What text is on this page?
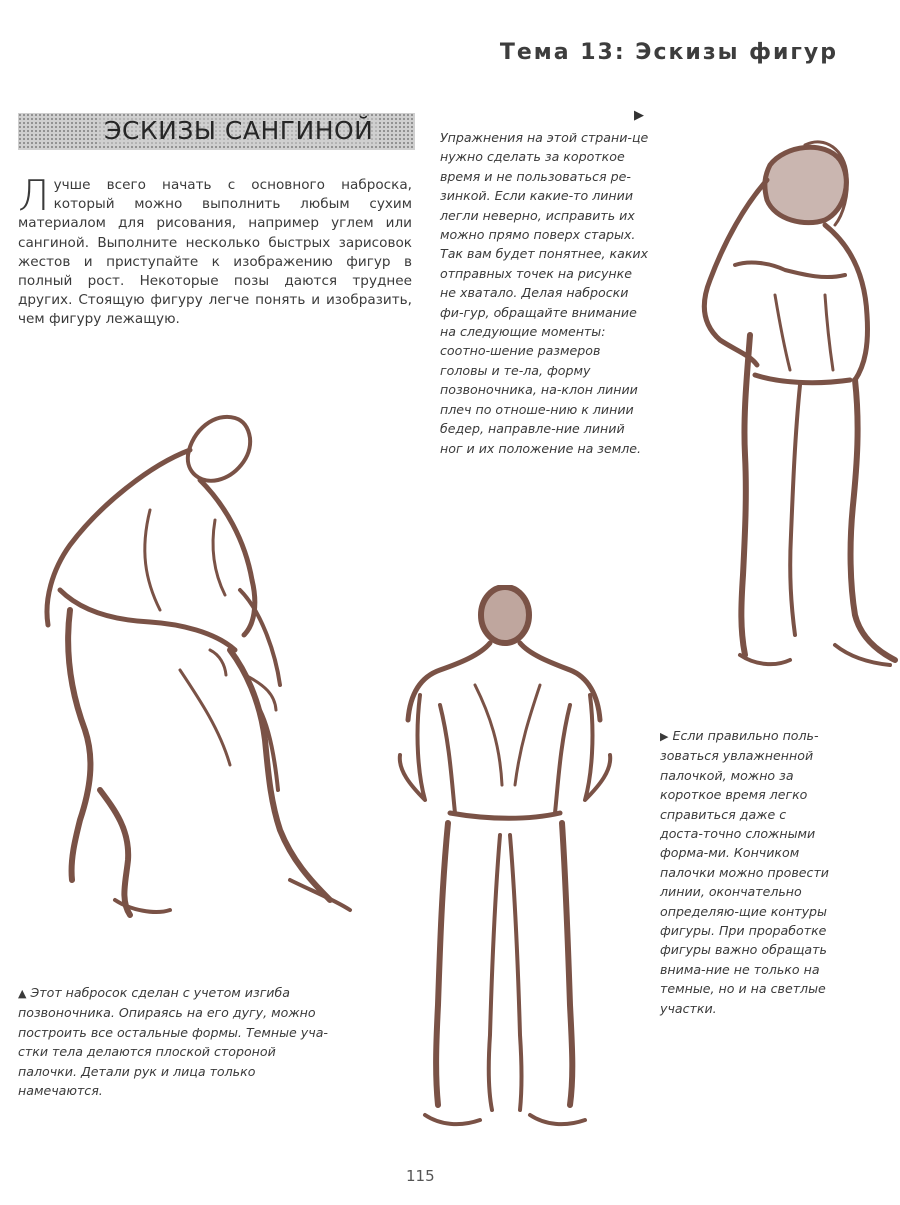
Тема 13: Эскизы фигур
ЭСКИЗЫ САНГИНОЙ
Лучше всего начать с основного наброска, который можно выполнить любым сухим материалом для рисования, например углем или сангиной. Выполните несколько быстрых зарисовок жестов и приступайте к изображению фигур в полный рост. Некоторые позы даются труднее других. Стоящую фигуру легче понять и изобразить, чем фигуру лежащую.
▶
Упражнения на этой страни-це нужно сделать за короткое время и не пользоваться ре-зинкой. Если какие-то линии легли неверно, исправить их можно прямо поверх старых. Так вам будет понятнее, каких отправных точек на рисунке не хватало. Делая наброски фи-гур, обращайте внимание на следующие моменты: соотно-шение размеров головы и те-ла, форму позвоночника, на-клон линии плеч по отноше-нию к линии бедер, направле-ние линий ног и их положение на земле.
▶ Если правильно поль-зоваться увлажненной палочкой, можно за короткое время легко справиться даже с доста-точно сложными форма-ми. Кончиком палочки можно провести линии, окончательно определяю-щие контуры фигуры. При проработке фигуры важно обращать внима-ние не только на темные, но и на светлые участки.
▲ Этот набросок сделан с учетом изгиба позвоночника. Опираясь на его дугу, можно построить все остальные формы. Темные уча-стки тела делаются плоской стороной палочки. Детали рук и лица только намечаются.
115
